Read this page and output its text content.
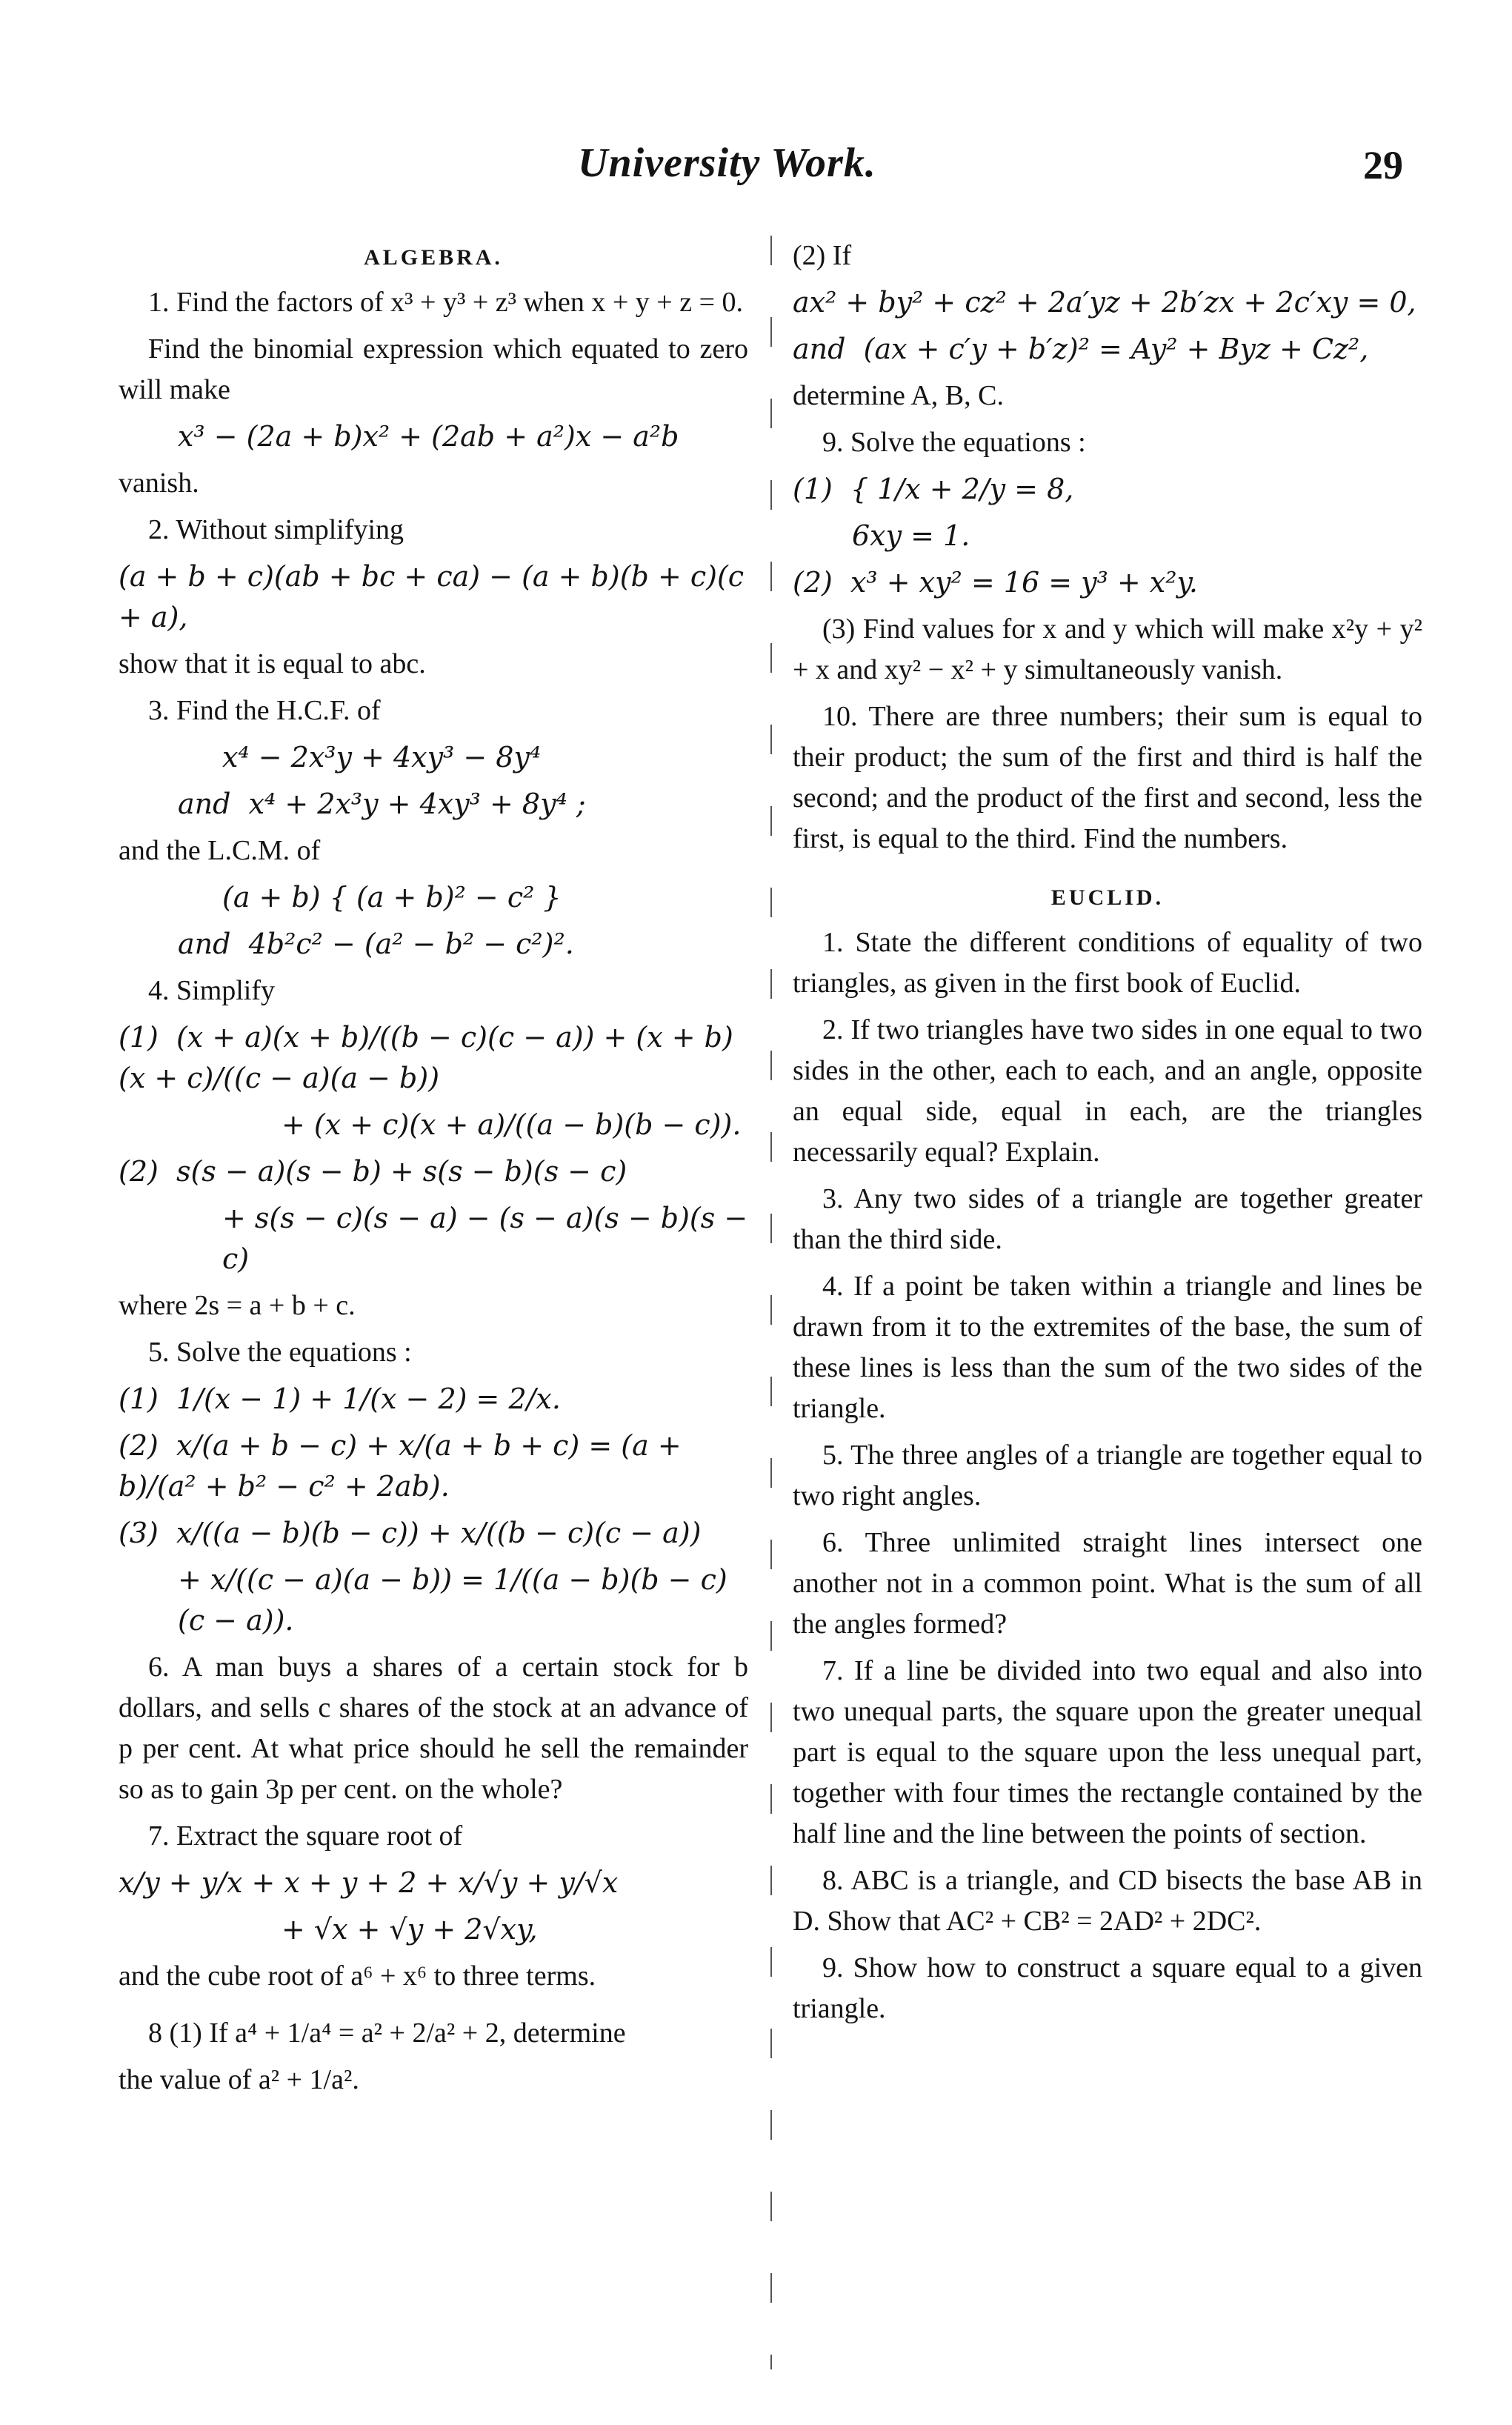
University Work.	29
ALGEBRA.
1. Find the factors of x³ + y³ + z³ when x + y + z = 0.
Find the binomial expression which equated to zero will make
x³ − (2a + b)x² + (2ab + a²)x − a²b
vanish.
2. Without simplifying
(a + b + c)(ab + bc + ca) − (a + b)(b + c)(c + a),
show that it is equal to abc.
3. Find the H.C.F. of
x⁴ − 2x³y + 4xy³ − 8y⁴
and  x⁴ + 2x³y + 4xy³ + 8y⁴ ;
and the L.C.M. of
(a + b) { (a + b)² − c² }
and  4b²c² − (a² − b² − c²)².
4. Simplify
(1)  (x + a)(x + b)/((b − c)(c − a)) + (x + b)(x + c)/((c − a)(a − b))
+ (x + c)(x + a)/((a − b)(b − c)).
(2)  s(s − a)(s − b) + s(s − b)(s − c)
+ s(s − c)(s − a) − (s − a)(s − b)(s − c)
where 2s = a + b + c.
5. Solve the equations :
(1)  1/(x − 1) + 1/(x − 2) = 2/x.
(2)  x/(a + b − c) + x/(a + b + c) = (a + b)/(a² + b² − c² + 2ab).
(3)  x/((a − b)(b − c)) + x/((b − c)(c − a))
+ x/((c − a)(a − b)) = 1/((a − b)(b − c)(c − a)).
6. A man buys a shares of a certain stock for b dollars, and sells c shares of the stock at an advance of p per cent. At what price should he sell the remainder so as to gain 3p per cent. on the whole?
7. Extract the square root of
x/y + y/x + x + y + 2 + x/√y + y/√x
+ √x + √y + 2√xy,
and the cube root of a⁶ + x⁶ to three terms.
8 (1) If a⁴ + 1/a⁴ = a² + 2/a² + 2, determine
the value of a² + 1/a².
(2) If
ax² + by² + cz² + 2a′yz + 2b′zx + 2c′xy = 0,
and  (ax + c′y + b′z)² = Ay² + Byz + Cz²,
determine A, B, C.
9. Solve the equations :
(1)  { 1/x + 2/y = 8,
6xy = 1.
(2)  x³ + xy² = 16 = y³ + x²y.
(3) Find values for x and y which will make x²y + y² + x and xy² − x² + y simultaneously vanish.
10. There are three numbers; their sum is equal to their product; the sum of the first and third is half the second; and the product of the first and second, less the first, is equal to the third. Find the numbers.
EUCLID.
1. State the different conditions of equality of two triangles, as given in the first book of Euclid.
2. If two triangles have two sides in one equal to two sides in the other, each to each, and an angle, opposite an equal side, equal in each, are the triangles necessarily equal? Explain.
3. Any two sides of a triangle are together greater than the third side.
4. If a point be taken within a triangle and lines be drawn from it to the extremites of the base, the sum of these lines is less than the sum of the two sides of the triangle.
5. The three angles of a triangle are together equal to two right angles.
6. Three unlimited straight lines intersect one another not in a common point. What is the sum of all the angles formed?
7. If a line be divided into two equal and also into two unequal parts, the square upon the greater unequal part is equal to the square upon the less unequal part, together with four times the rectangle contained by the half line and the line between the points of section.
8. ABC is a triangle, and CD bisects the base AB in D. Show that AC² + CB² = 2AD² + 2DC².
9. Show how to construct a square equal to a given triangle.
